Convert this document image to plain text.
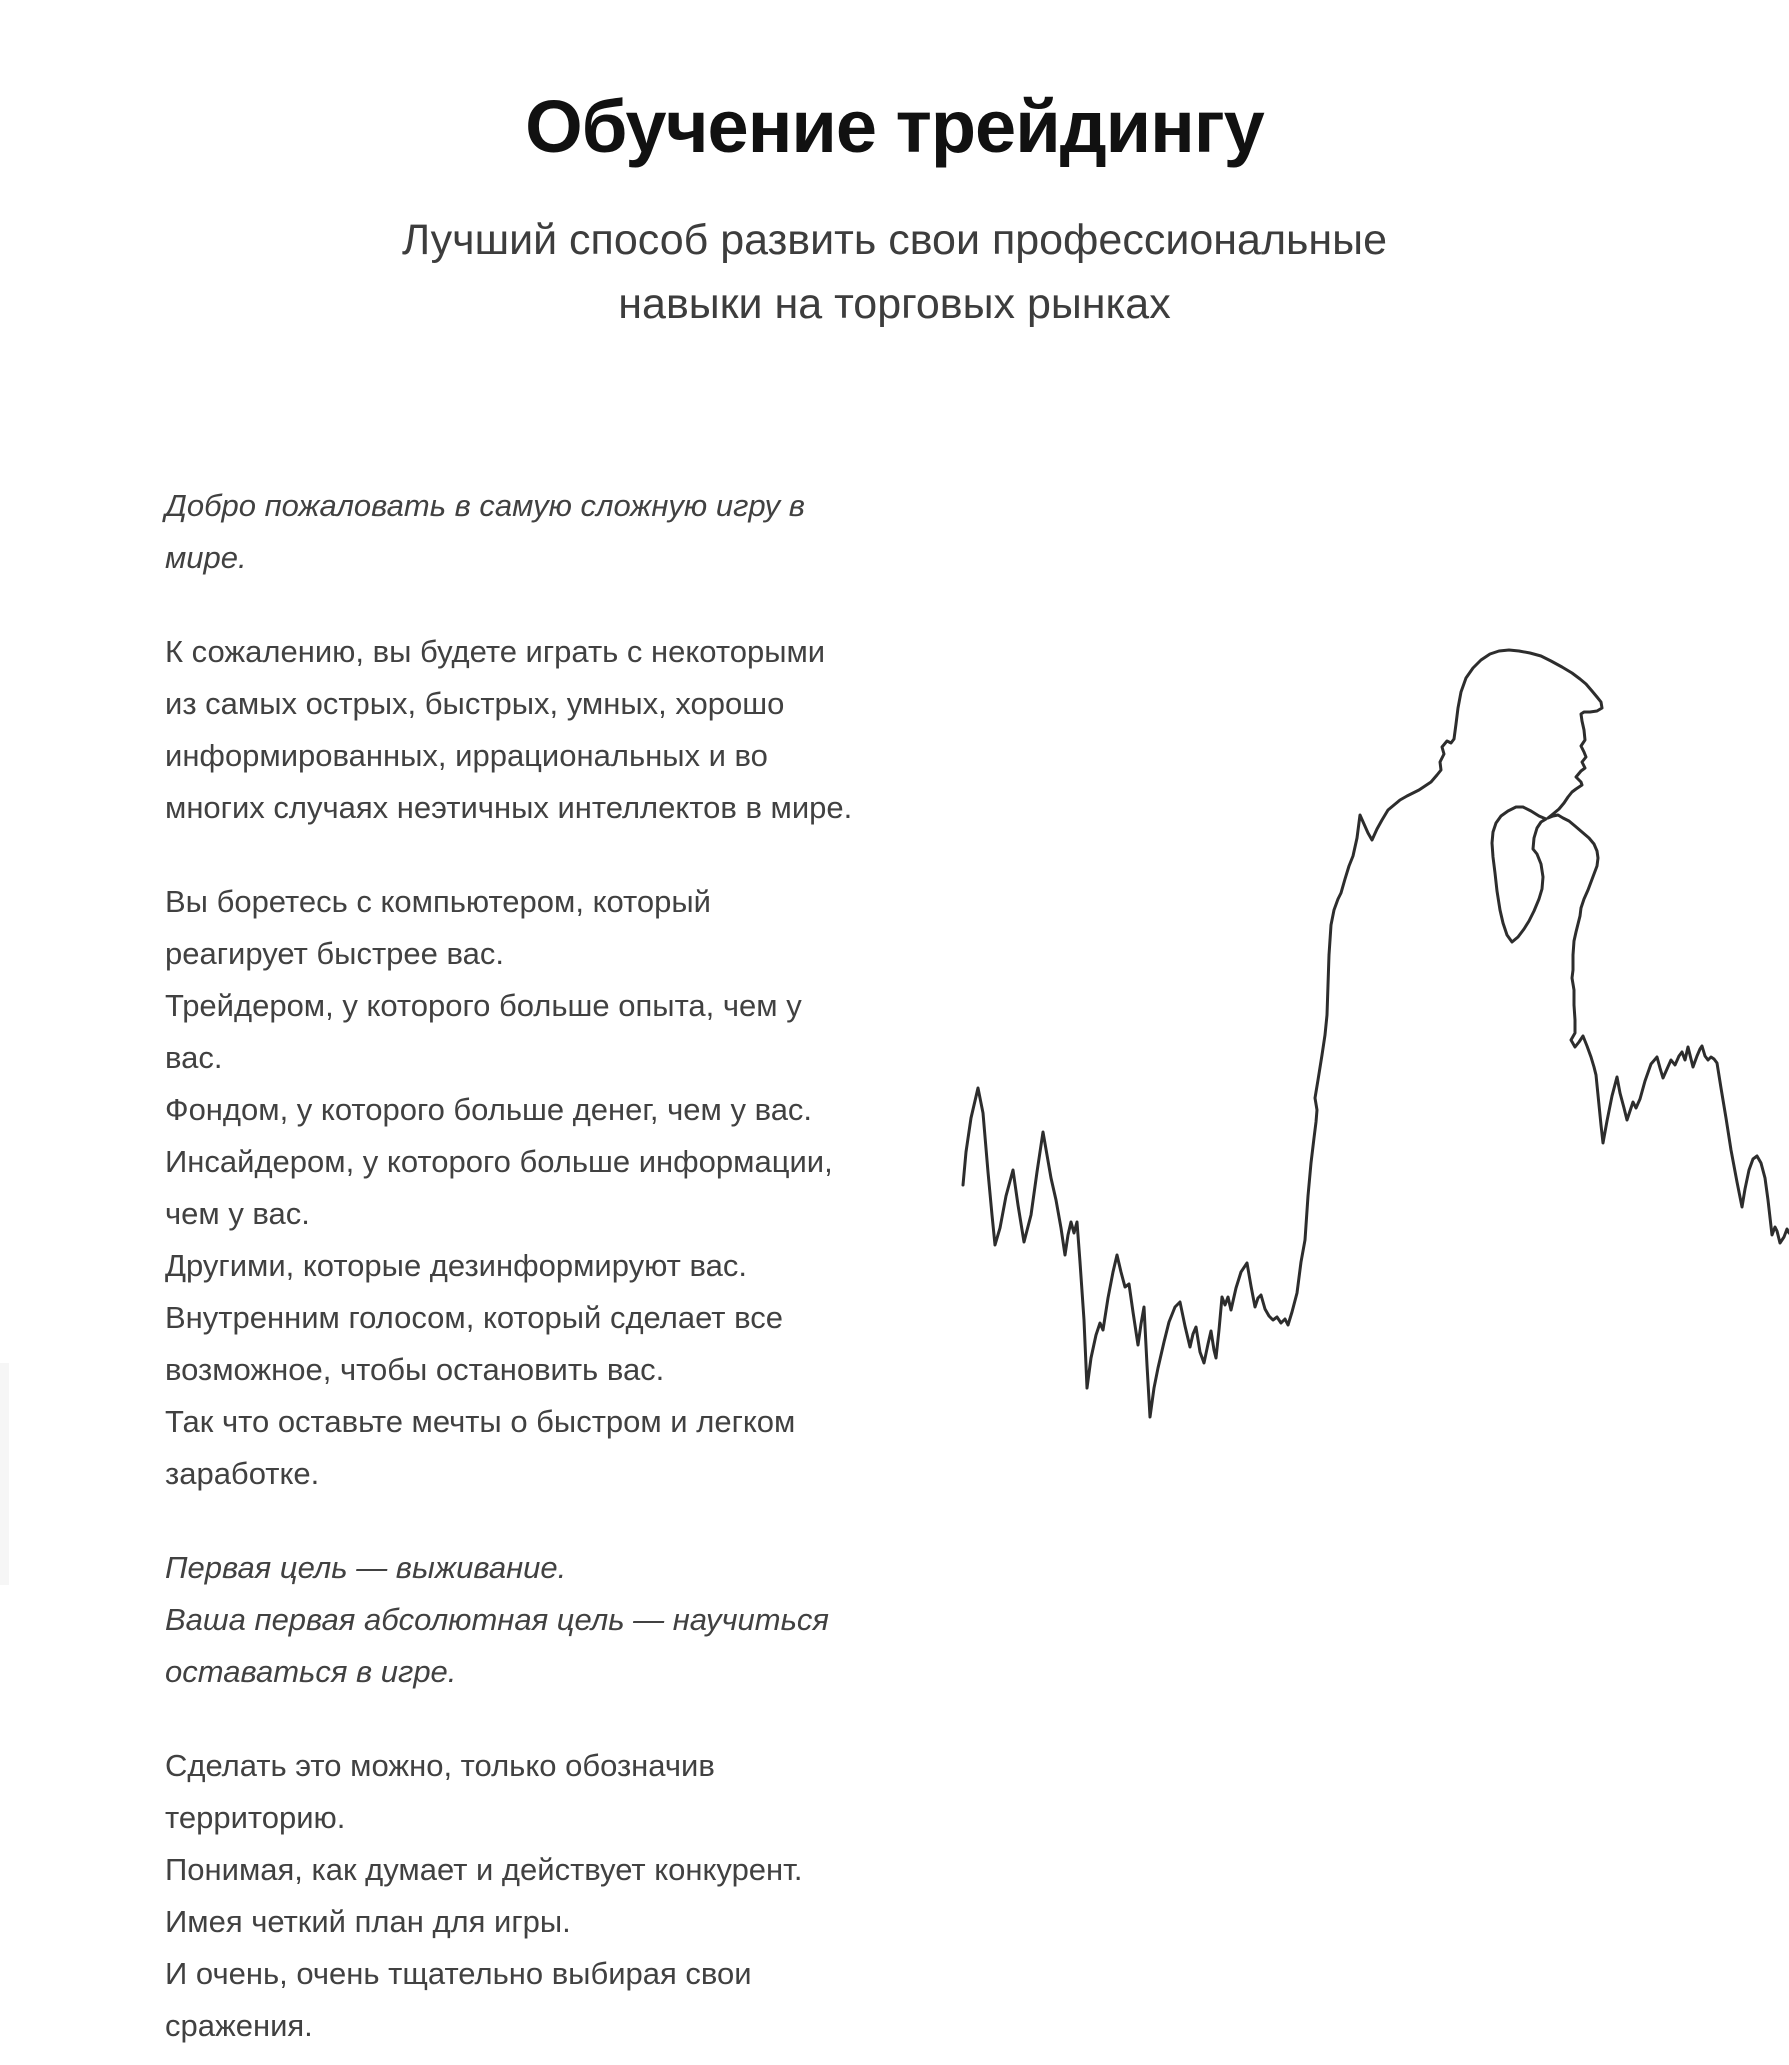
Обучение трейдингу
Лучший способ развить свои профессиональные
навыки на торговых рынках

Добро пожаловать в самую сложную игру в мире.

К сожалению, вы будете играть с некоторыми из самых острых, быстрых, умных, хорошо информированных, иррациональных и во многих случаях неэтичных интеллектов в мире.

Вы боретесь с компьютером, который реагирует быстрее вас.
Трейдером, у которого больше опыта, чем у вас.
Фондом, у которого больше денег, чем у вас.
Инсайдером, у которого больше информации, чем у вас.
Другими, которые дезинформируют вас.
Внутренним голосом, который сделает все возможное, чтобы остановить вас.
Так что оставьте мечты о быстром и легком заработке.

Первая цель — выживание.
Ваша первая абсолютная цель — научиться оставаться в игре.

Сделать это можно, только обозначив территорию.
Понимая, как думает и действует конкурент.
Имея четкий план для игры.
И очень, очень тщательно выбирая свои сражения.
